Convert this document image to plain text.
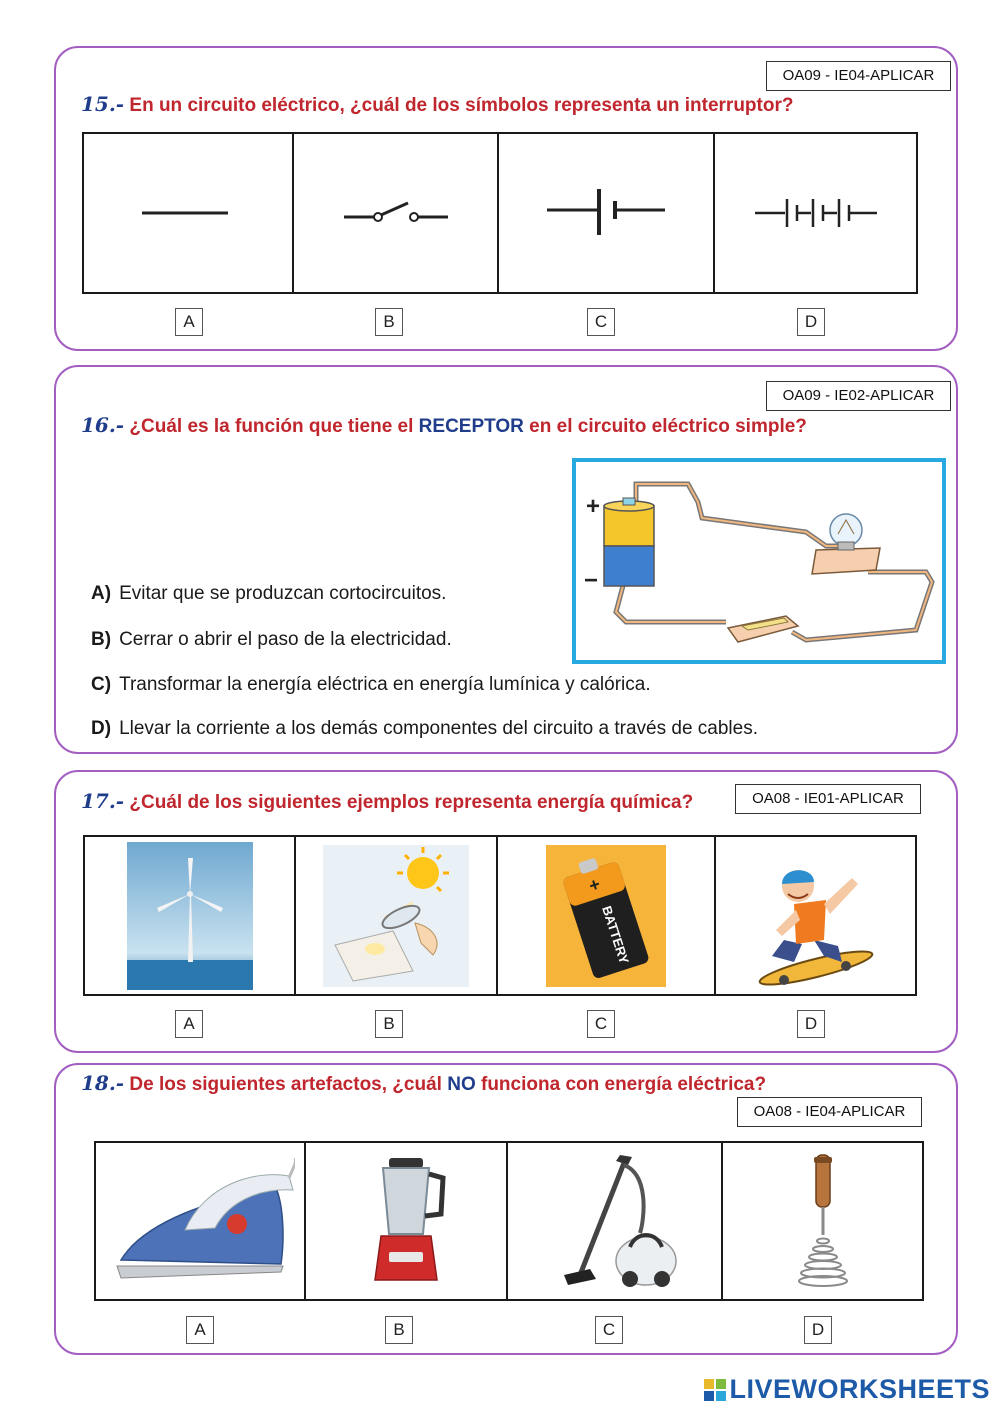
OA09 - IE04-APLICAR
15.- En un circuito eléctrico, ¿cuál de los símbolos representa un interruptor?
A	B	C	D
OA09 - IE02-APLICAR
16.- ¿Cuál es la función que tiene el RECEPTOR en el circuito eléctrico simple?
+
−
A) Evitar que se produzcan cortocircuitos.
B) Cerrar o abrir el paso de la electricidad.
C) Transformar la energía eléctrica en energía lumínica y calórica.
D) Llevar la corriente a los demás componentes del circuito a través de cables.
17.- ¿Cuál de los siguientes ejemplos representa energía química?	OA08 - IE01-APLICAR
+
BATTERY
A	B	C	D
18.- De los siguientes artefactos, ¿cuál NO funciona con energía eléctrica?
OA08 - IE04-APLICAR
A	B	C	D
LIVEWORKSHEETS
